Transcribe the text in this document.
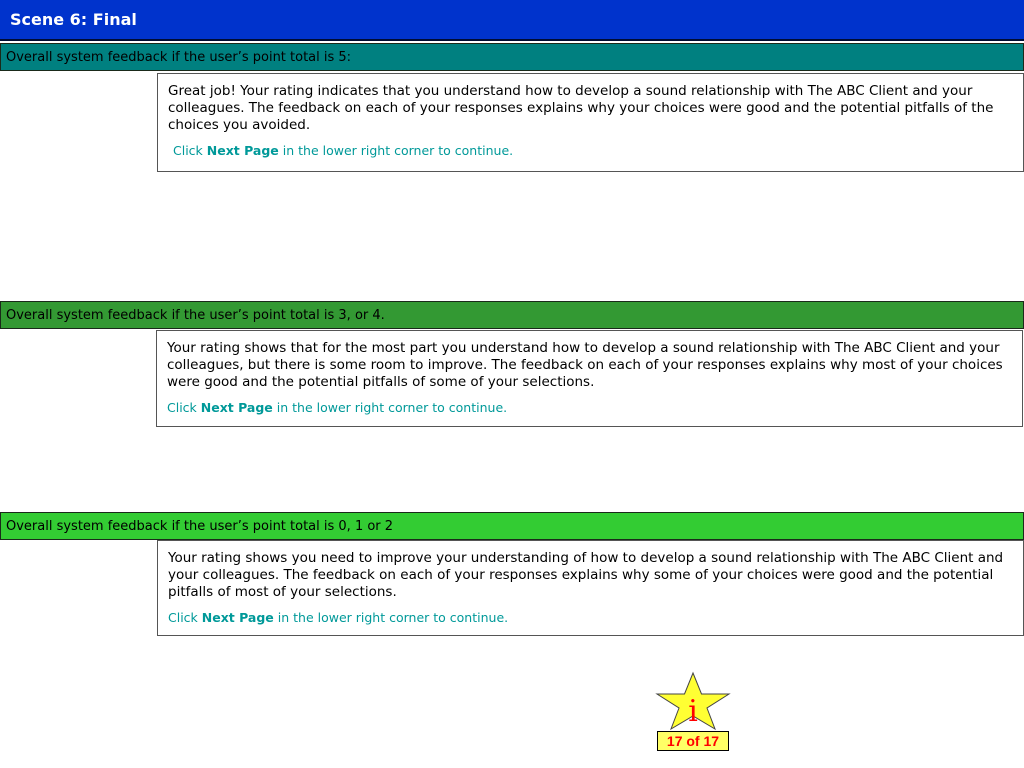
Scene 6: Final
Overall system feedback if the user’s point total is 5:

Great job! Your rating indicates that you understand how to develop a sound relationship with The ABC Client and your colleagues. The feedback on each of your responses explains why your choices were good and the potential pitfalls of the choices you avoided.

Click Next Page in the lower right corner to continue.

Overall system feedback if the user’s point total is 3, or 4.

Your rating shows that for the most part you understand how to develop a sound relationship with The ABC Client and your colleagues, but there is some room to improve. The feedback on each of your responses explains why most of your choices were good and the potential pitfalls of some of your selections.

Click Next Page in the lower right corner to continue.

Overall system feedback if the user’s point total is 0, 1 or 2

Your rating shows you need to improve your understanding of how to develop a sound relationship with The ABC Client and your colleagues. The feedback on each of your responses explains why some of your choices were good and the potential pitfalls of most of your selections.

Click Next Page in the lower right corner to continue.

i
17 of 17
